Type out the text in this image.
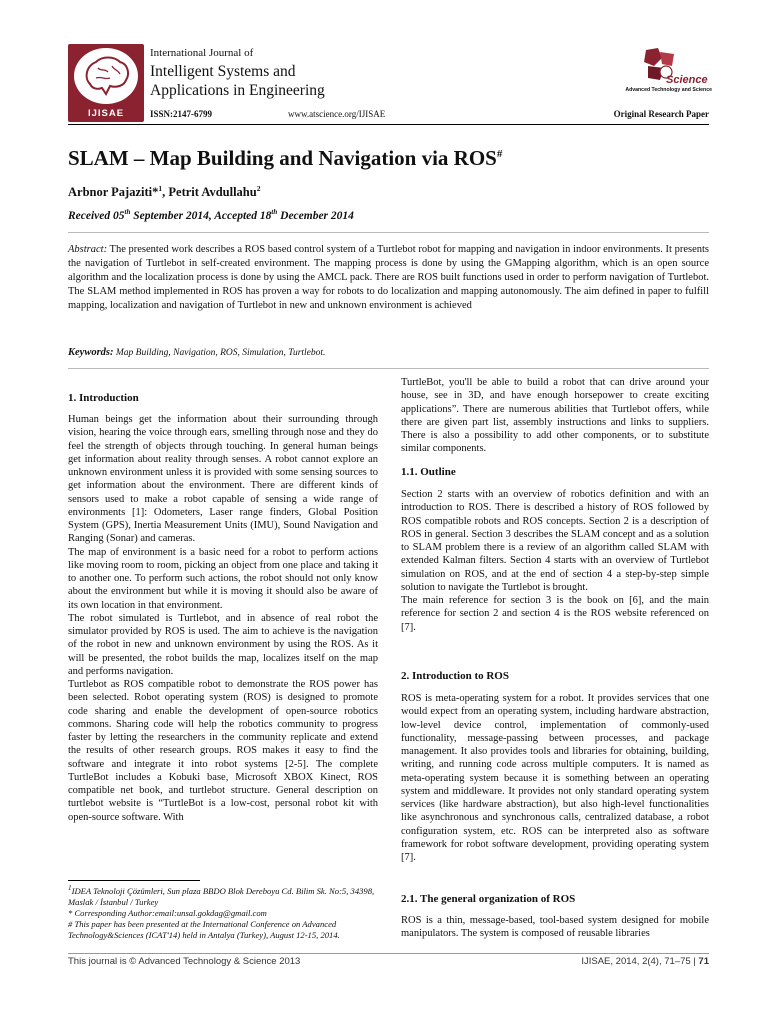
IJISAE
International Journal of
Intelligent Systems and
Applications in Engineering
ISSN:2147-6799	www.atscience.org/IJISAE	Original Research Paper
Science
Advanced Technology and Science
SLAM – Map Building and Navigation via ROS#
Arbnor Pajaziti*$^1$, Petrit Avdullahu$^2$
Received 05th September 2014, Accepted 18th December 2014
Abstract: The presented work describes a ROS based control system of a Turtlebot robot for mapping and navigation in indoor environments. It presents the navigation of Turtlebot in self-created environment. The mapping process is done by using the GMapping algorithm, which is an open source algorithm and the localization process is done by using the AMCL pack. There are ROS built functions used in order to perform navigation of Turtlebot. The SLAM method implemented in ROS has proven a way for robots to do localization and mapping autonomously. The aim defined in paper to fulfill mapping, localization and navigation of Turtlebot in new and unknown environment is achieved
Keywords: Map Building, Navigation, ROS, Simulation, Turtlebot.
1. Introduction

Human beings get the information about their surrounding through vision, hearing the voice through ears, smelling through nose and they do feel the strength of objects through touching. In general human beings get information about reality through senses. A robot cannot explore an unknown environment unless it is provided with some sensing sources to get information about the environment. There are different kinds of sensors used to make a robot capable of sensing a wide range of environments [1]: Odometers, Laser range finders, Global Position System (GPS), Inertia Measurement Units (IMU), Sound Navigation and Ranging (Sonar) and cameras.

The map of environment is a basic need for a robot to perform actions like moving room to room, picking an object from one place and taking it to another one. To perform such actions, the robot should not only know about the environment but while it is moving it should also be aware of its own location in that environment.

The robot simulated is Turtlebot, and in absence of real robot the simulator provided by ROS is used. The aim to achieve is the navigation of the robot in new and unknown environment by using the ROS. As it will be presented, the robot builds the map, localizes itself on the map and performs navigation.

Turtlebot as ROS compatible robot to demonstrate the ROS power has been selected. Robot operating system (ROS) is designed to promote code sharing and enable the development of open-source robotics commons. Sharing code will help the robotics community to progress faster by letting the researchers in the community replicate and extend the results of other research groups. ROS makes it easy to find the software and integrate it into robot systems [2-5]. The complete TurtleBot includes a Kobuki base, Microsoft XBOX Kinect, ROS compatible net book, and turtlebot structure. General description on turtlebot website is “TurtleBot is a low-cost, personal robot kit with open-source software. With

$^1$IDEA Teknoloji Çözümleri, Sun plaza BBDO Blok Dereboyu Cd. Bilim Sk. No:5, 34398, Maslak / İstanbul / Turkey

* Corresponding Author:email:unsal.gokdag@gmail.com

# This paper has been presented at the International Conference on Advanced Technology&Sciences (ICAT'14) held in Antalya (Turkey), August 12-15, 2014.

TurtleBot, you'll be able to build a robot that can drive around your house, see in 3D, and have enough horsepower to create exciting applications”. There are numerous abilities that Turtlebot offers, while there are given part list, assembly instructions and links to suppliers. There is also a possibility to add other components, or to substitute similar components.

1.1. Outline

Section 2 starts with an overview of robotics definition and with an introduction to ROS. There is described a history of ROS followed by ROS compatible robots and ROS concepts. Section 2 is a description of ROS in general. Section 3 describes the SLAM concept and as a solution to SLAM problem there is a review of an algorithm called SLAM with extended Kalman filters. Section 4 starts with an overview of Turtlebot simulation on ROS, and at the end of section 4 a step-by-step simple solution to navigate the Turtlebot is brought.

The main reference for section 3 is the book on [6], and the main reference for section 2 and section 4 is the ROS website referenced on [7].

2. Introduction to ROS

ROS is meta-operating system for a robot. It provides services that one would expect from an operating system, including hardware abstraction, low-level device control, implementation of commonly-used functionality, message-passing between processes, and package management. It also provides tools and libraries for obtaining, building, writing, and running code across multiple computers. It is named as meta-operating system because it is something between an operating system and middleware. It provides not only standard operating system services (like hardware abstraction), but also high-level functionalities like asynchronous and synchronous calls, centralized database, a robot configuration system, etc. ROS can be interpreted also as software framework for robot software development, providing operating system [7].

2.1. The general organization of ROS

ROS is a thin, message-based, tool-based system designed for mobile manipulators. The system is composed of reusable libraries

This journal is © Advanced Technology & Science 2013	IJISAE, 2014, 2(4), 71–75 | 71
